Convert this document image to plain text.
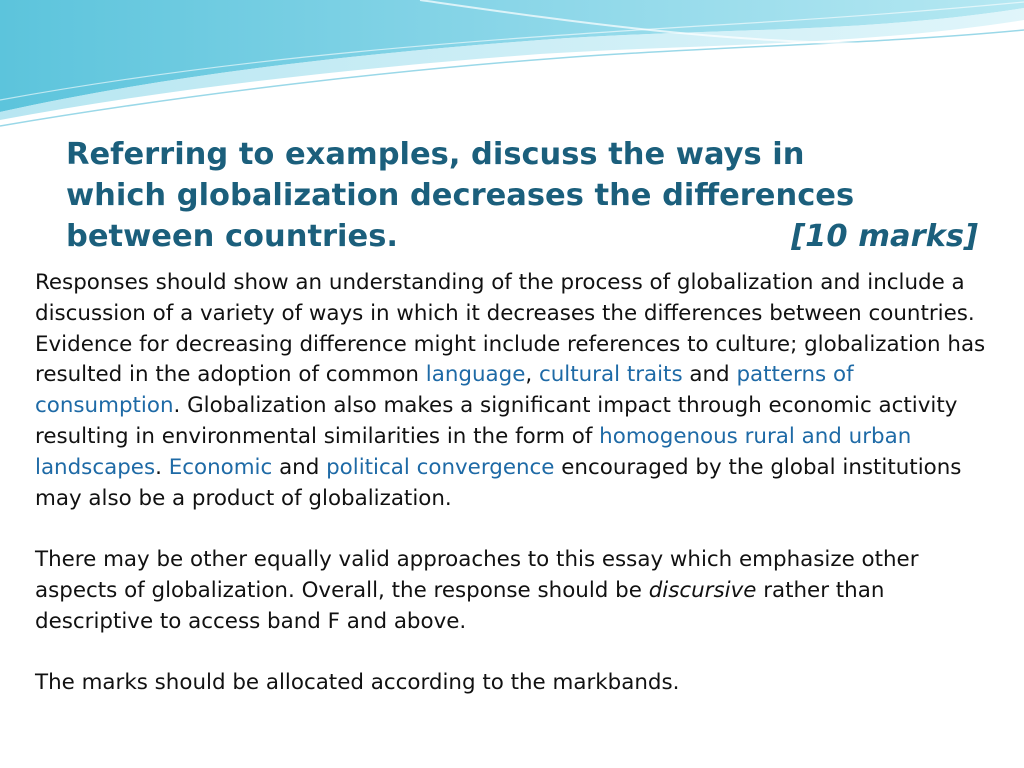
Referring to examples, discuss the ways in
which globalization decreases the differences
between countries.	[10 marks]

Responses should show an understanding of the process of globalization and include a discussion of a variety of ways in which it decreases the differences between countries. Evidence for decreasing difference might include references to culture; globalization has resulted in the adoption of common language, cultural traits and patterns of consumption. Globalization also makes a significant impact through economic activity resulting in environmental similarities in the form of homogenous rural and urban landscapes. Economic and political convergence encouraged by the global institutions may also be a product of globalization.

There may be other equally valid approaches to this essay which emphasize other aspects of globalization. Overall, the response should be discursive rather than descriptive to access band F and above.

The marks should be allocated according to the markbands.
